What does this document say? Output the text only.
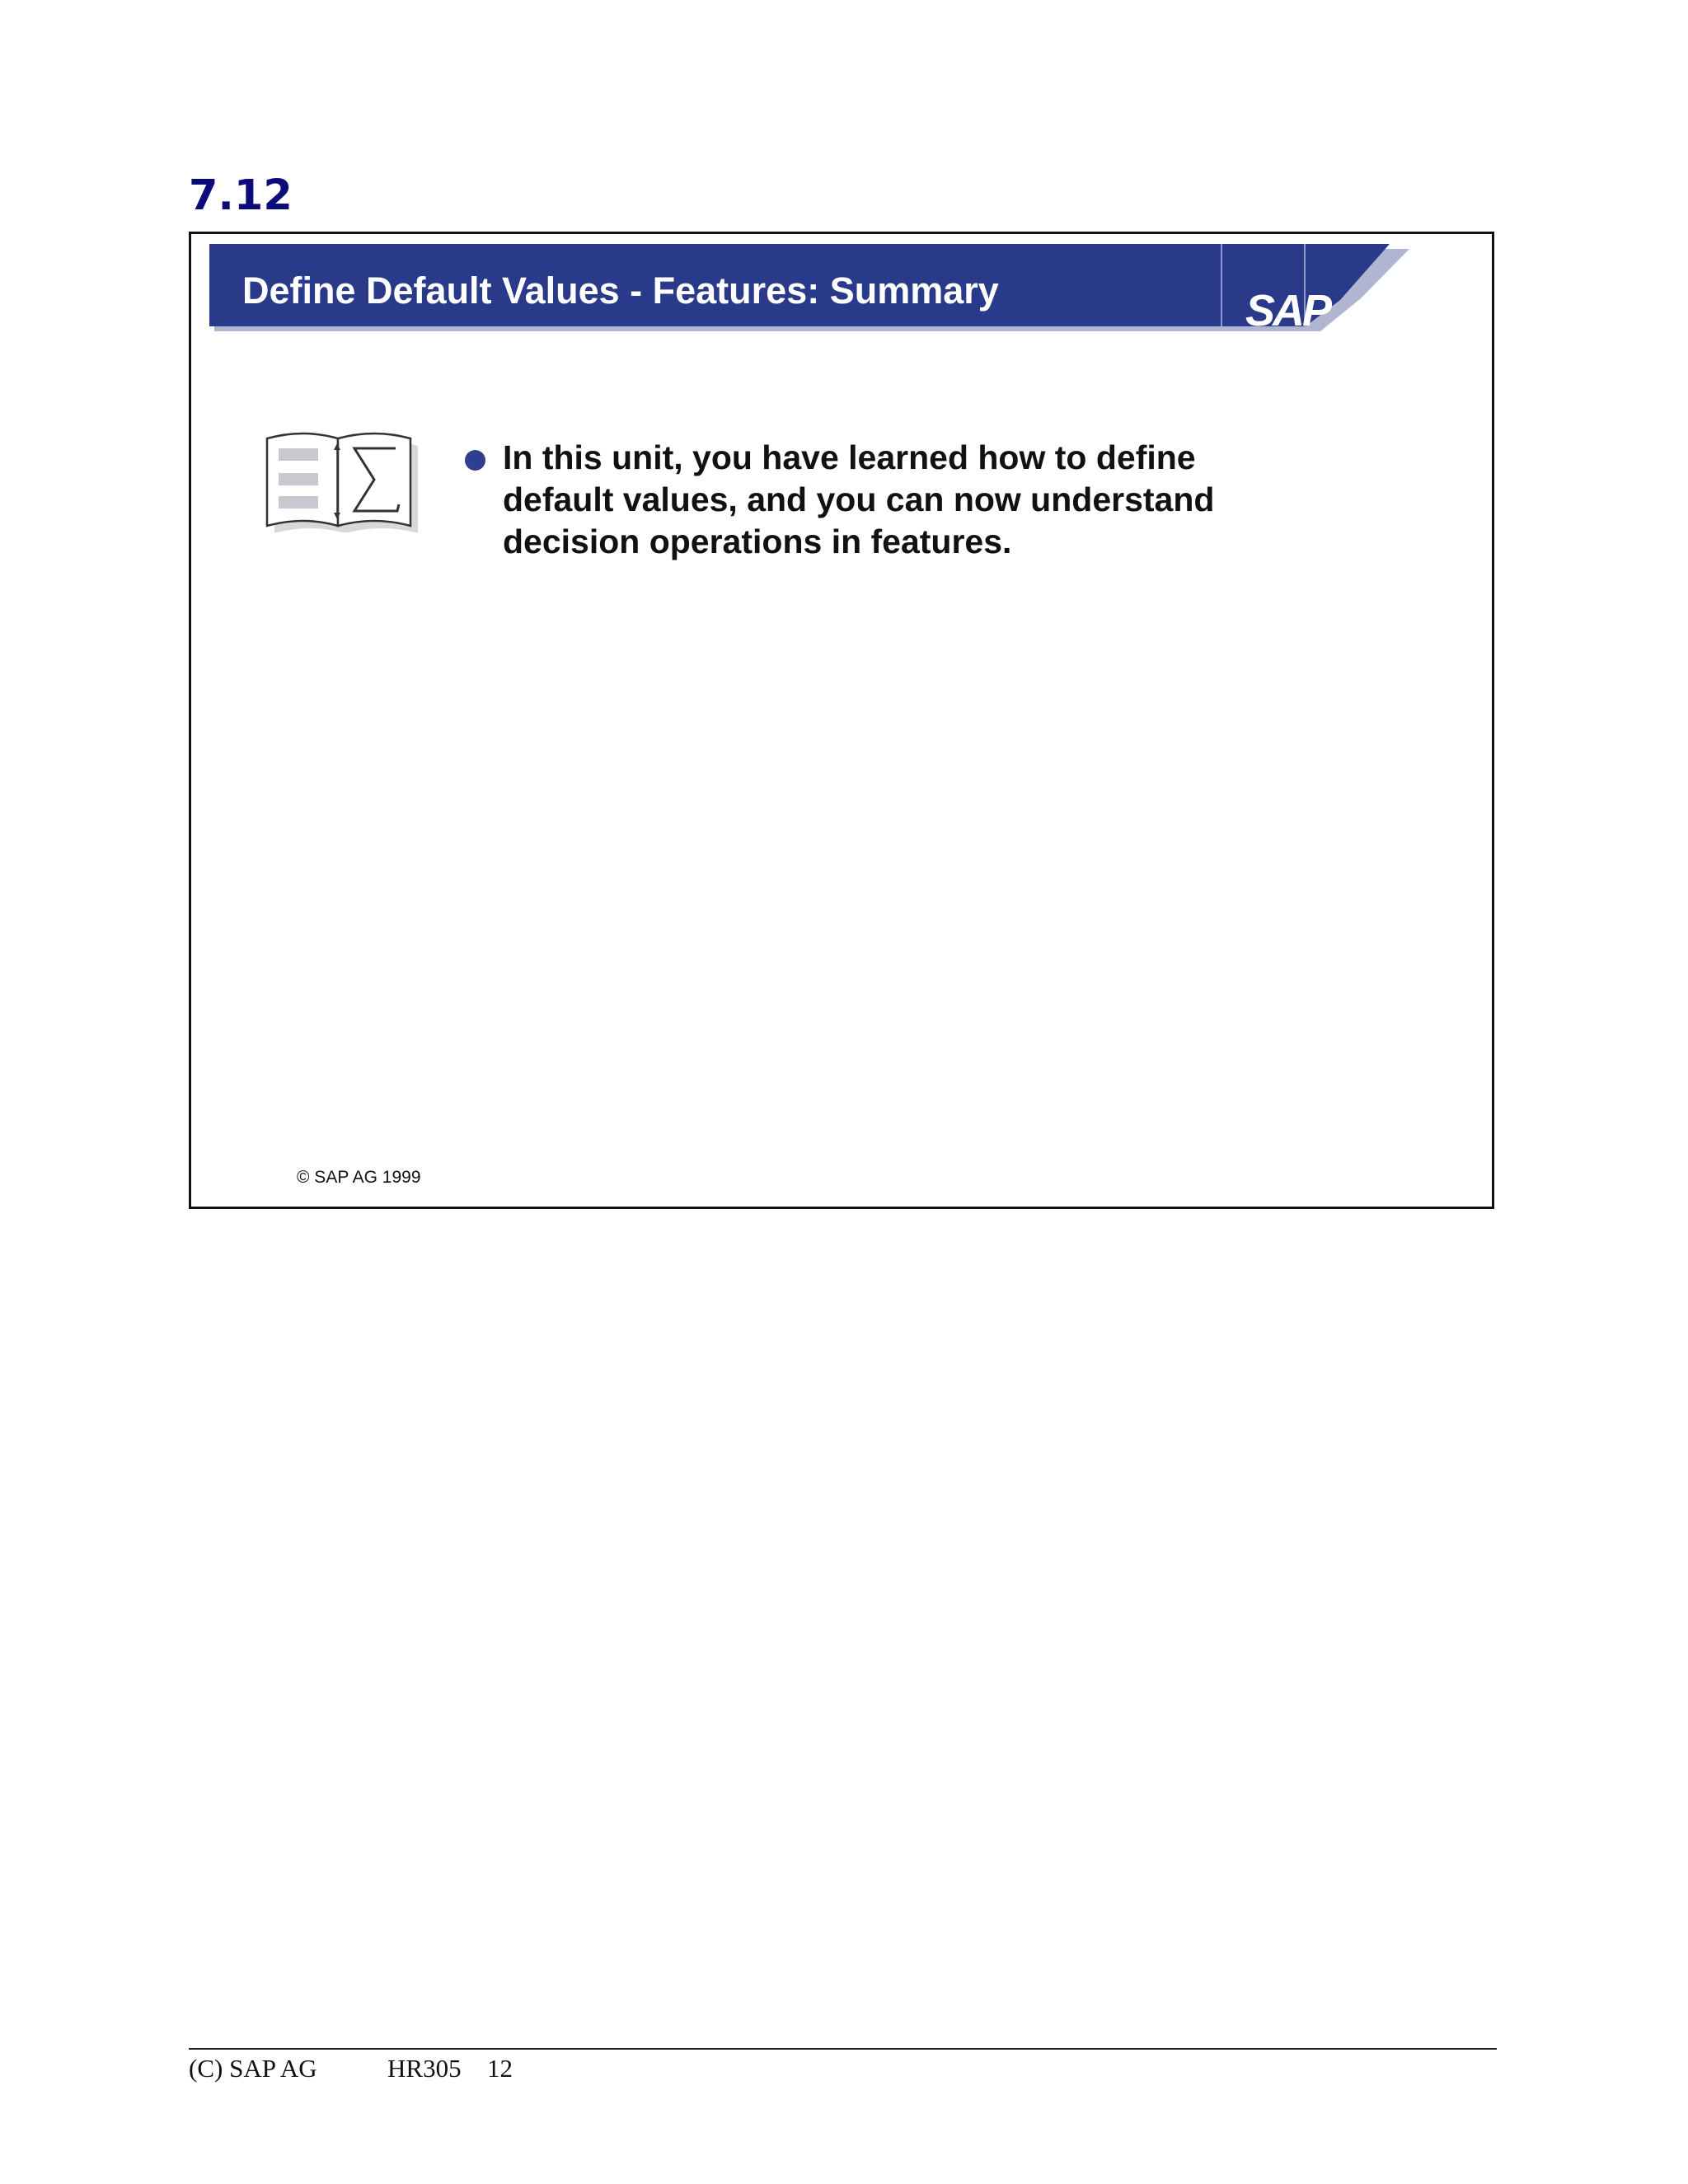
7.12
Define Default Values - Features: Summary	SAP
In this unit, you have learned how to define default values, and you can now understand decision operations in features.
© SAP AG 1999
(C) SAP AG	HR305 12
